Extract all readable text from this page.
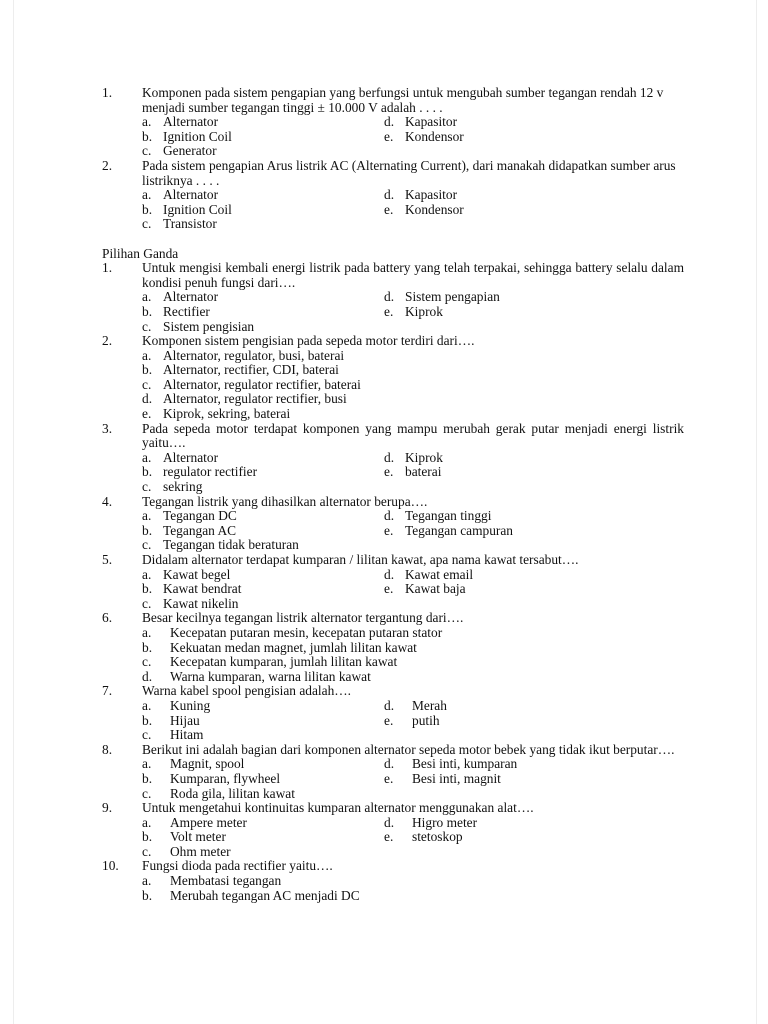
1.	Komponen pada sistem pengapian yang berfungsi untuk mengubah sumber tegangan rendah 12 v menjadi sumber tegangan tinggi ± 10.000 V adalah . . . .
a. Alternator	d. Kapasitor
b. Ignition Coil	e. Kondensor
c. Generator
2.	Pada sistem pengapian Arus listrik AC (Alternating Current), dari manakah didapatkan sumber arus listriknya . . . .
a. Alternator	d. Kapasitor
b. Ignition Coil	e. Kondensor
c. Transistor
Pilihan Ganda
1.	Untuk mengisi kembali energi listrik pada battery yang telah terpakai, sehingga battery selalu dalam kondisi penuh fungsi dari….
a. Alternator	d. Sistem pengapian
b. Rectifier	e. Kiprok
c. Sistem pengisian
2.	Komponen sistem pengisian pada sepeda motor terdiri dari….
a. Alternator, regulator, busi, baterai
b. Alternator, rectifier, CDI, baterai
c. Alternator, regulator rectifier, baterai
d. Alternator, regulator rectifier, busi
e. Kiprok, sekring, baterai
3.	Pada sepeda motor terdapat komponen yang mampu merubah gerak putar menjadi energi listrik yaitu….
a. Alternator	d. Kiprok
b. regulator rectifier	e. baterai
c. sekring
4.	Tegangan listrik yang dihasilkan alternator berupa….
a. Tegangan DC	d. Tegangan tinggi
b. Tegangan AC	e. Tegangan campuran
c. Tegangan tidak beraturan
5.	Didalam alternator terdapat kumparan / lilitan kawat, apa nama kawat tersabut….
a. Kawat begel	d. Kawat email
b. Kawat bendrat	e. Kawat baja
c. Kawat nikelin
6.	Besar kecilnya tegangan listrik alternator tergantung dari….
a. Kecepatan putaran mesin, kecepatan putaran stator
b. Kekuatan medan magnet, jumlah lilitan kawat
c. Kecepatan kumparan, jumlah lilitan kawat
d. Warna kumparan, warna lilitan kawat
7.	Warna kabel spool pengisian adalah….
a. Kuning	d. Merah
b. Hijau	e. putih
c. Hitam
8.	Berikut ini adalah bagian dari komponen alternator sepeda motor bebek yang tidak ikut berputar….
a. Magnit, spool	d. Besi inti, kumparan
b. Kumparan, flywheel	e. Besi inti, magnit
c. Roda gila, lilitan kawat
9.	Untuk mengetahui kontinuitas kumparan alternator menggunakan alat….
a. Ampere meter	d. Higro meter
b. Volt meter	e. stetoskop
c. Ohm meter
10.	Fungsi dioda pada rectifier yaitu….
a. Membatasi tegangan
b. Merubah tegangan AC menjadi DC
